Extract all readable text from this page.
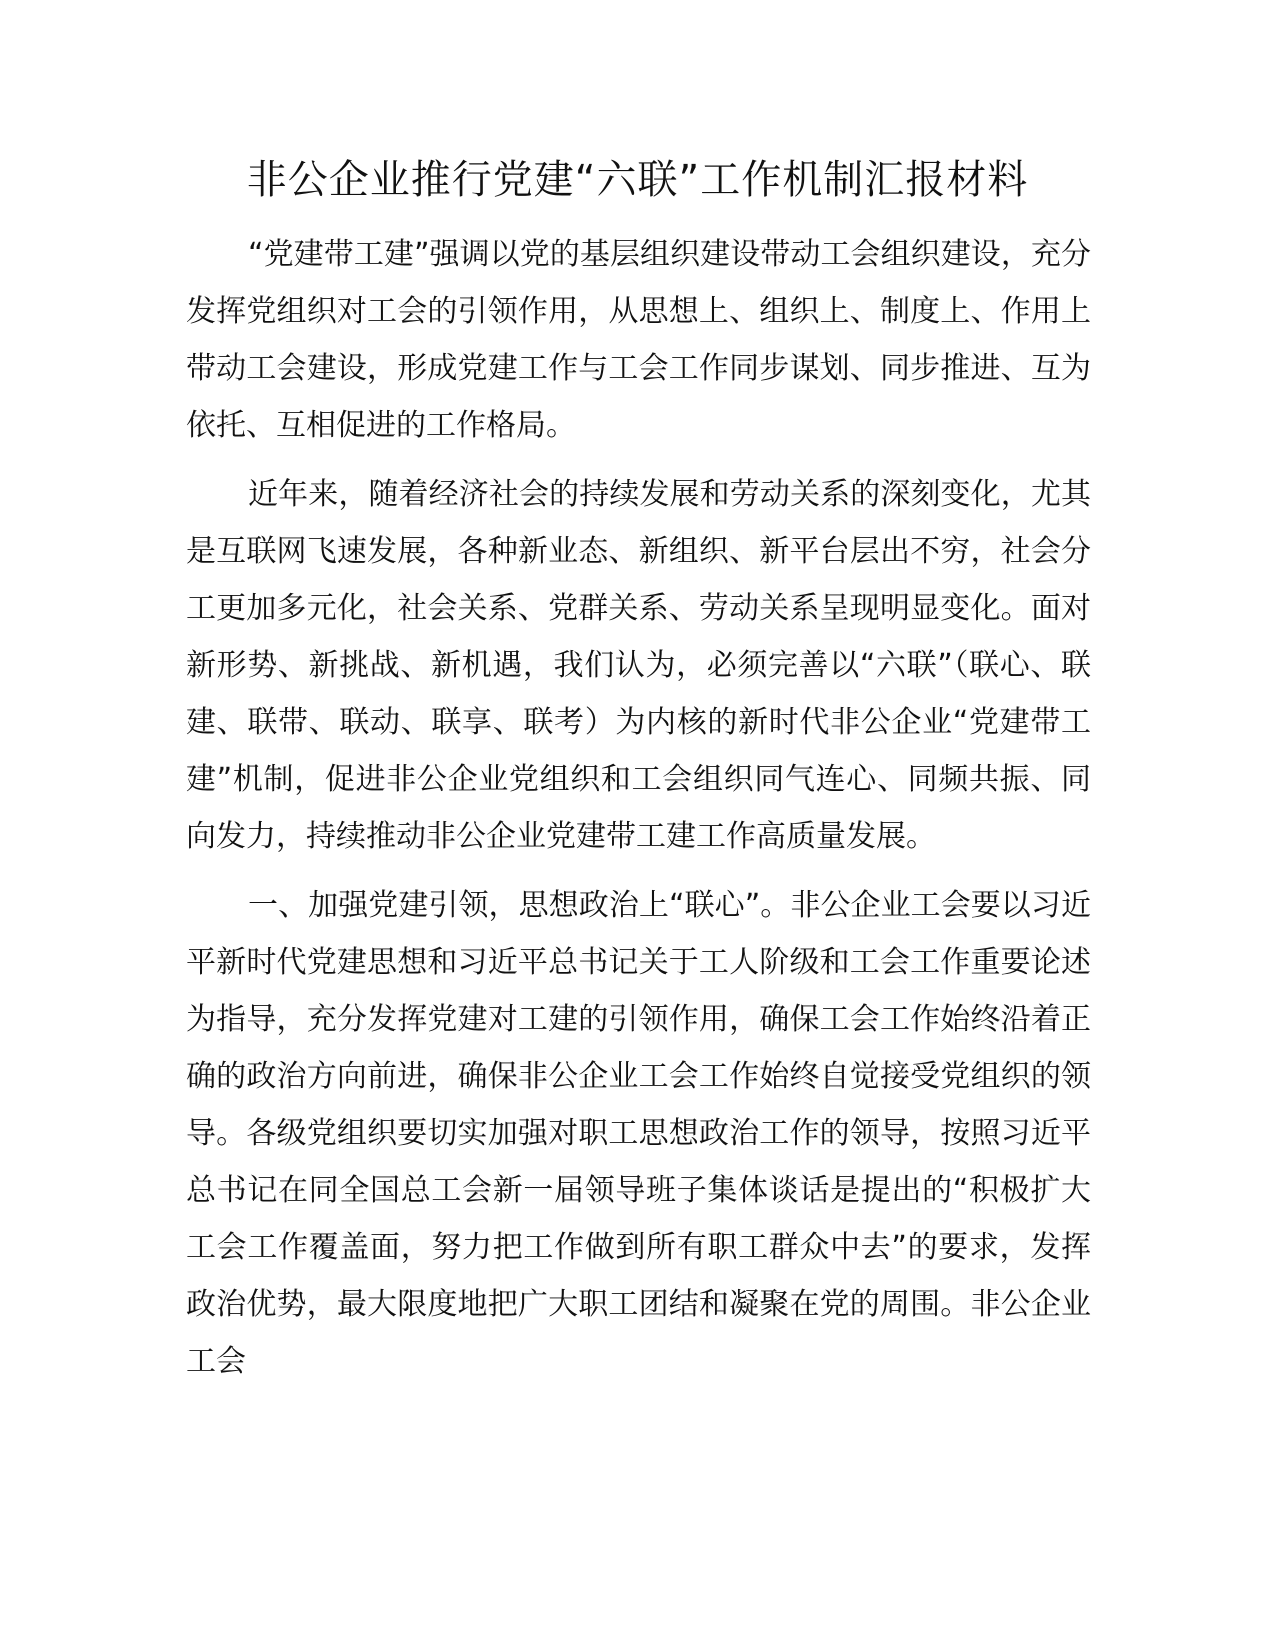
非公企业推行党建“六联”工作机制汇报材料

“党建带工建”强调以党的基层组织建设带动工会组织建设，充分发挥党组织对工会的引领作用，从思想上、组织上、制度上、作用上带动工会建设，形成党建工作与工会工作同步谋划、同步推进、互为依托、互相促进的工作格局。

近年来，随着经济社会的持续发展和劳动关系的深刻变化，尤其是互联网飞速发展，各种新业态、新组织、新平台层出不穷，社会分工更加多元化，社会关系、党群关系、劳动关系呈现明显变化。面对新形势、新挑战、新机遇，我们认为，必须完善以“六联”（联心、联建、联带、联动、联享、联考）为内核的新时代非公企业“党建带工建”机制，促进非公企业党组织和工会组织同气连心、同频共振、同向发力，持续推动非公企业党建带工建工作高质量发展。

一、加强党建引领，思想政治上“联心”。非公企业工会要以习近平新时代党建思想和习近平总书记关于工人阶级和工会工作重要论述为指导，充分发挥党建对工建的引领作用，确保工会工作始终沿着正确的政治方向前进，确保非公企业工会工作始终自觉接受党组织的领导。各级党组织要切实加强对职工思想政治工作的领导，按照习近平总书记在同全国总工会新一届领导班子集体谈话是提出的“积极扩大工会工作覆盖面，努力把工作做到所有职工群众中去”的要求，发挥政治优势，最大限度地把广大职工团结和凝聚在党的周围。非公企业工会
